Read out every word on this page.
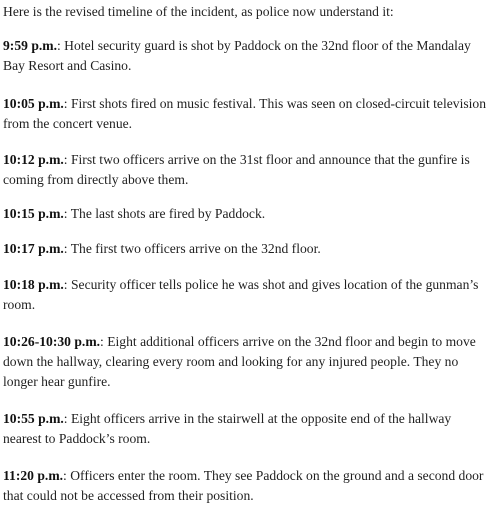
Here is the revised timeline of the incident, as police now understand it:

9:59 p.m.: Hotel security guard is shot by Paddock on the 32nd floor of the Mandalay Bay Resort and Casino.

10:05 p.m.: First shots fired on music festival. This was seen on closed-circuit television from the concert venue.

10:12 p.m.: First two officers arrive on the 31st floor and announce that the gunfire is coming from directly above them.

10:15 p.m.: The last shots are fired by Paddock.

10:17 p.m.: The first two officers arrive on the 32nd floor.

10:18 p.m.: Security officer tells police he was shot and gives location of the gunman’s room.

10:26-10:30 p.m.: Eight additional officers arrive on the 32nd floor and begin to move down the hallway, clearing every room and looking for any injured people. They no longer hear gunfire.

10:55 p.m.: Eight officers arrive in the stairwell at the opposite end of the hallway nearest to Paddock’s room.

11:20 p.m.: Officers enter the room. They see Paddock on the ground and a second door that could not be accessed from their position.
